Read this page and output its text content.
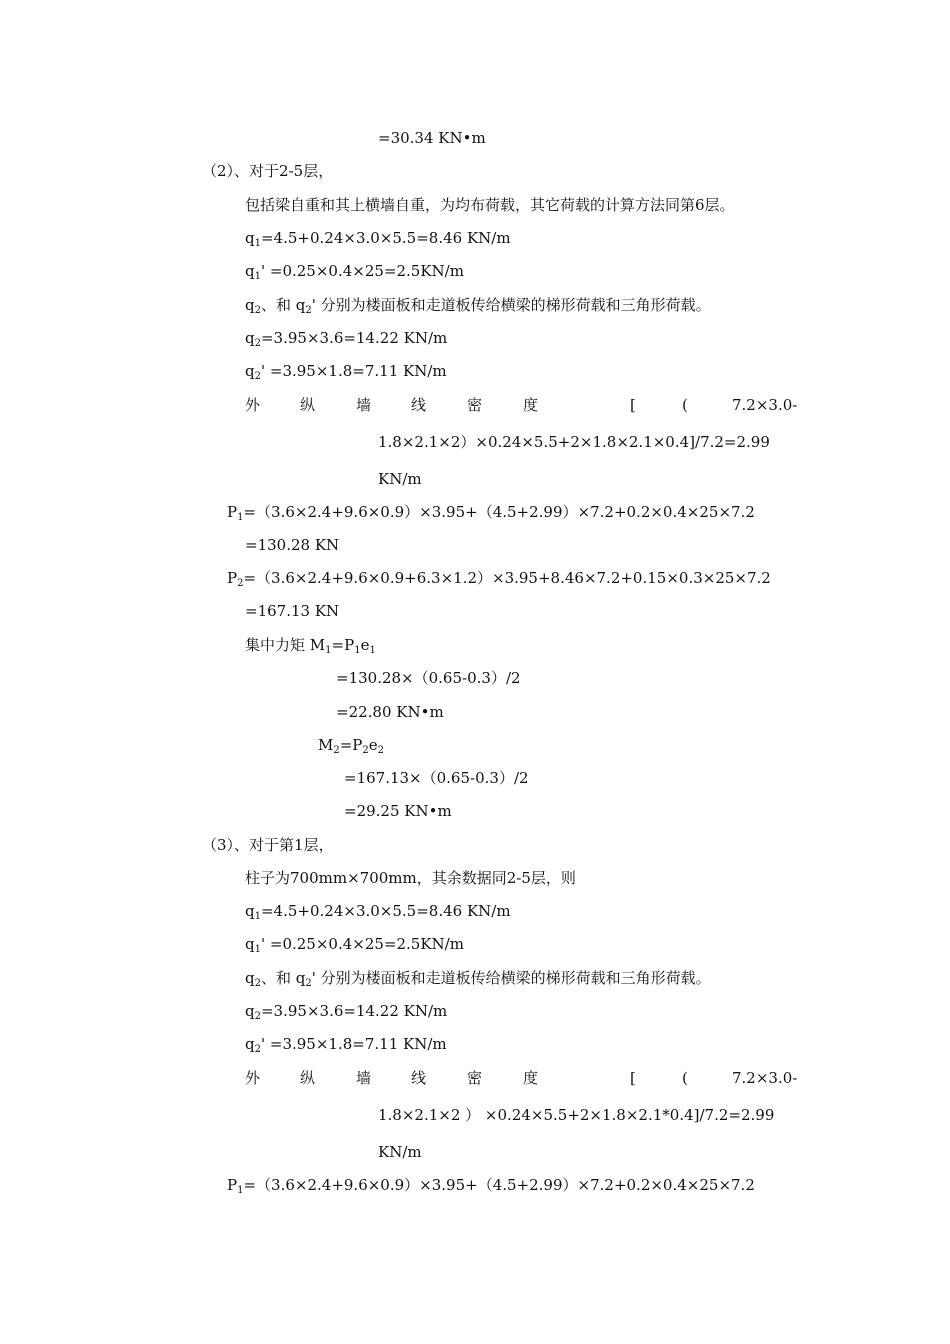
=30.34 KN•m
（2）、对于2-5层，
包括梁自重和其上横墙自重，为均布荷载，其它荷载的计算方法同第6层。
$q_1=4.5+0.24\times 3.0\times 5.5=8.46$ KN/m
$q_1' =0.25\times 0.4\times 25=2.5KN/m$
$q_2$、和 $q_2'$ 分别为楼面板和走道板传给横梁的梯形荷载和三角形荷载。
$q_2=3.95\times 3.6=14.22$ KN/m
$q_2' =3.95\times 1.8=7.11$ KN/m
外	纵	墙	线	密	度	[	(	7.2×3.0-
1.8×2.1×2）×0.24×5.5+2×1.8×2.1×0.4]/7.2=2.99
KN/m
$P_1=(3.6\times 2.4+9.6\times 0.9)\times 3.95+(4.5+2.99)\times 7.2+0.2\times 0.4\times 25\times 7.2$
=130.28 KN
$P_2=(3.6\times 2.4+9.6\times 0.9+6.3\times 1.2)\times 3.95+8.46\times 7.2+0.15\times 0.3\times 25\times 7.2$
=167.13 KN
集中力矩 $M_1=P_1e_1$
=130.28×（0.65-0.3）/2
=22.80 KN•m
$M_2=P_2e_2$
=167.13×（0.65-0.3）/2
=29.25 KN•m
（3）、对于第1层，
柱子为700mm×700mm，其余数据同2-5层，则
$q_1=4.5+0.24\times 3.0\times 5.5=8.46$ KN/m
$q_1' =0.25\times 0.4\times 25=2.5KN/m$
$q_2$、和 $q_2'$ 分别为楼面板和走道板传给横梁的梯形荷载和三角形荷载。
$q_2=3.95\times 3.6=14.22$ KN/m
$q_2' =3.95\times 1.8=7.11$ KN/m
外	纵	墙	线	密	度	[	(	7.2×3.0-
1.8×2.1×2 ） ×0.24×5.5+2×1.8×2.1*0.4]/7.2=2.99
KN/m
$P_1=(3.6\times 2.4+9.6\times 0.9)\times 3.95+(4.5+2.99)\times 7.2+0.2\times 0.4\times 25\times 7.2$
